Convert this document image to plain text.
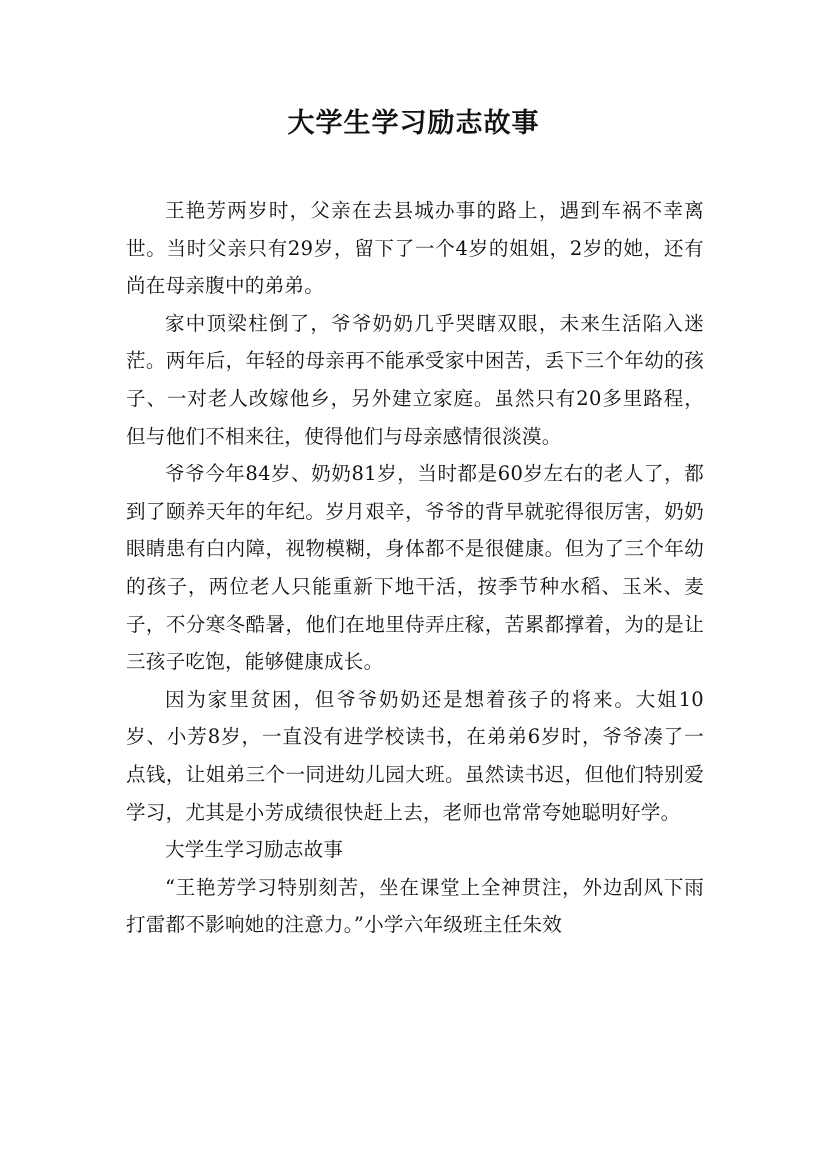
大学生学习励志故事

王艳芳两岁时，父亲在去县城办事的路上，遇到车祸不幸离世。当时父亲只有29岁，留下了一个4岁的姐姐，2岁的她，还有尚在母亲腹中的弟弟。

家中顶梁柱倒了，爷爷奶奶几乎哭瞎双眼，未来生活陷入迷茫。两年后，年轻的母亲再不能承受家中困苦，丢下三个年幼的孩子、一对老人改嫁他乡，另外建立家庭。虽然只有20多里路程，但与他们不相来往，使得他们与母亲感情很淡漠。

爷爷今年84岁、奶奶81岁，当时都是60岁左右的老人了，都到了颐养天年的年纪。岁月艰辛，爷爷的背早就驼得很厉害，奶奶眼睛患有白内障，视物模糊，身体都不是很健康。但为了三个年幼的孩子，两位老人只能重新下地干活，按季节种水稻、玉米、麦子，不分寒冬酷暑，他们在地里侍弄庄稼，苦累都撑着，为的是让三孩子吃饱，能够健康成长。

因为家里贫困，但爷爷奶奶还是想着孩子的将来。大姐10岁、小芳8岁，一直没有进学校读书，在弟弟6岁时，爷爷凑了一点钱，让姐弟三个一同进幼儿园大班。虽然读书迟，但他们特别爱学习，尤其是小芳成绩很快赶上去，老师也常常夸她聪明好学。

大学生学习励志故事

“王艳芳学习特别刻苦，坐在课堂上全神贯注，外边刮风下雨打雷都不影响她的注意力。”小学六年级班主任朱效
